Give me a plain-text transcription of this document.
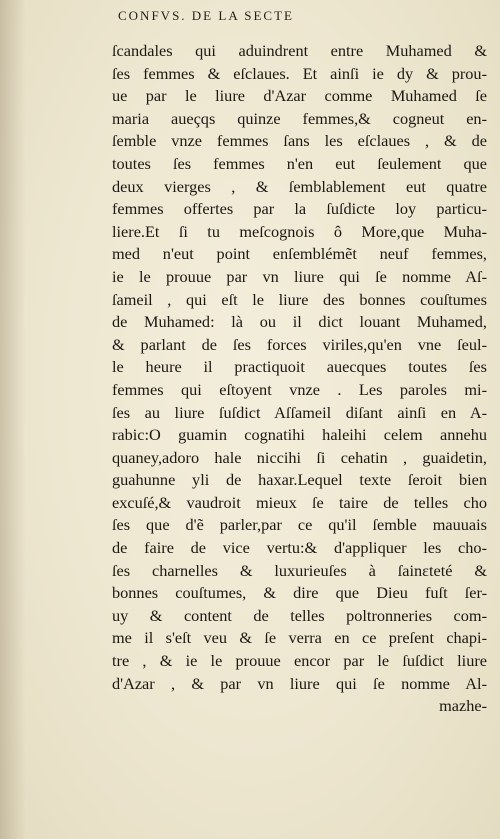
CONFVS. DE LA SECTE
ſcandales qui aduindrent entre Muhamed &
ſes femmes & eſclaues. Et ainſi ie dy & prou-
ue par le liure d'Azar comme Muhamed ſe
maria aueçqs quinze femmes,& cogneut en-
ſemble vnze femmes ſans les eſclaues , & de
toutes ſes femmes n'en eut ſeulement que
deux vierges , & ſemblablement eut quatre
femmes offertes par la ſuſdicte loy particu-
liere.Et ſi tu meſcognois ô More,que Muha-
med n'eut point enſemblémẽt neuf femmes,
ie le prouue par vn liure qui ſe nomme Aſ-
ſameil , qui eſt le liure des bonnes couſtumes
de Muhamed: là ou il dict louant Muhamed,
& parlant de ſes forces viriles,qu'en vne ſeul-
le heure il practiquoit auecques toutes ſes
femmes qui eſtoyent vnze . Les paroles mi-
ſes au liure ſuſdict Aſſameil diſant ainſi en A-
rabic:O guamin cognatihi haleihi celem annehu
quaney,adoro hale niccihi ſi cehatin , guaidetin,
guahunne yli de haxar.Lequel texte ſeroit bien
excuſé,& vaudroit mieux ſe taire de telles cho
ſes que d'ẽ parler,par ce qu'il ſemble mauuais
de faire de vice vertu:& d'appliquer les cho-
ſes charnelles & luxurieuſes à ſainɛteté &
bonnes couſtumes, & dire que Dieu fuſt ſer-
uy & content de telles poltronneries com-
me il s'eſt veu & ſe verra en ce preſent chapi-
tre , & ie le prouue encor par le ſuſdict liure
d'Azar , & par vn liure qui ſe nomme Al-
mazhe-
